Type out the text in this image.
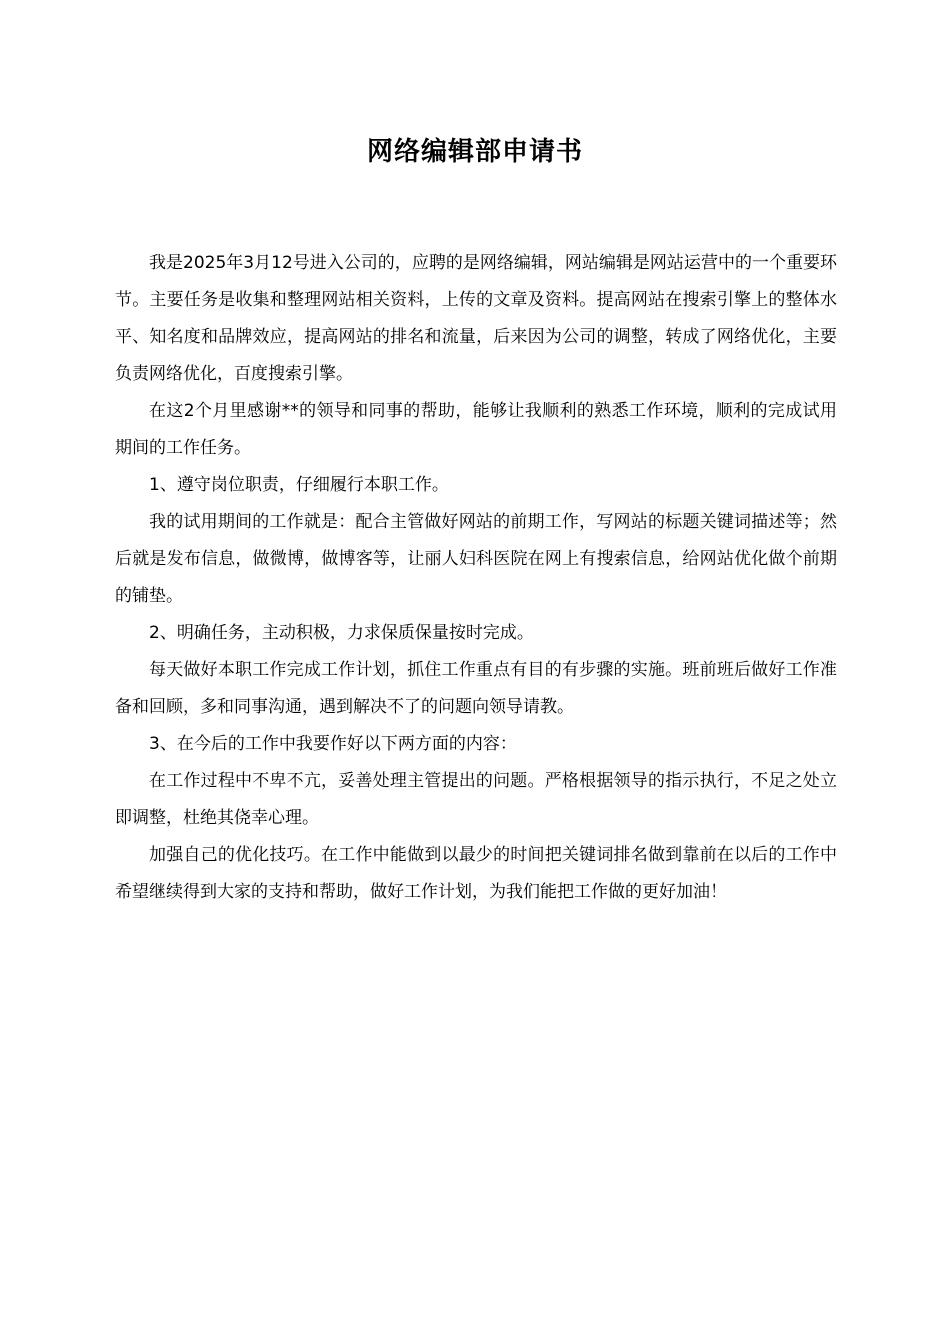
网络编辑部申请书

我是2025年3月12号进入公司的，应聘的是网络编辑，网站编辑是网站运营中的一个重要环节。主要任务是收集和整理网站相关资料，上传的文章及资料。提高网站在搜索引擎上的整体水平、知名度和品牌效应，提高网站的排名和流量，后来因为公司的调整，转成了网络优化，主要负责网络优化，百度搜索引擎。

在这2个月里感谢**的领导和同事的帮助，能够让我顺利的熟悉工作环境，顺利的完成试用期间的工作任务。

1、遵守岗位职责，仔细履行本职工作。

我的试用期间的工作就是：配合主管做好网站的前期工作，写网站的标题关键词描述等；然后就是发布信息，做微博，做博客等，让丽人妇科医院在网上有搜索信息，给网站优化做个前期的铺垫。

2、明确任务，主动积极，力求保质保量按时完成。

每天做好本职工作完成工作计划，抓住工作重点有目的有步骤的实施。班前班后做好工作准备和回顾，多和同事沟通，遇到解决不了的问题向领导请教。

3、在今后的工作中我要作好以下两方面的内容：

在工作过程中不卑不亢，妥善处理主管提出的问题。严格根据领导的指示执行，不足之处立即调整，杜绝其侥幸心理。

加强自己的优化技巧。在工作中能做到以最少的时间把关键词排名做到靠前在以后的工作中希望继续得到大家的支持和帮助，做好工作计划，为我们能把工作做的更好加油！
